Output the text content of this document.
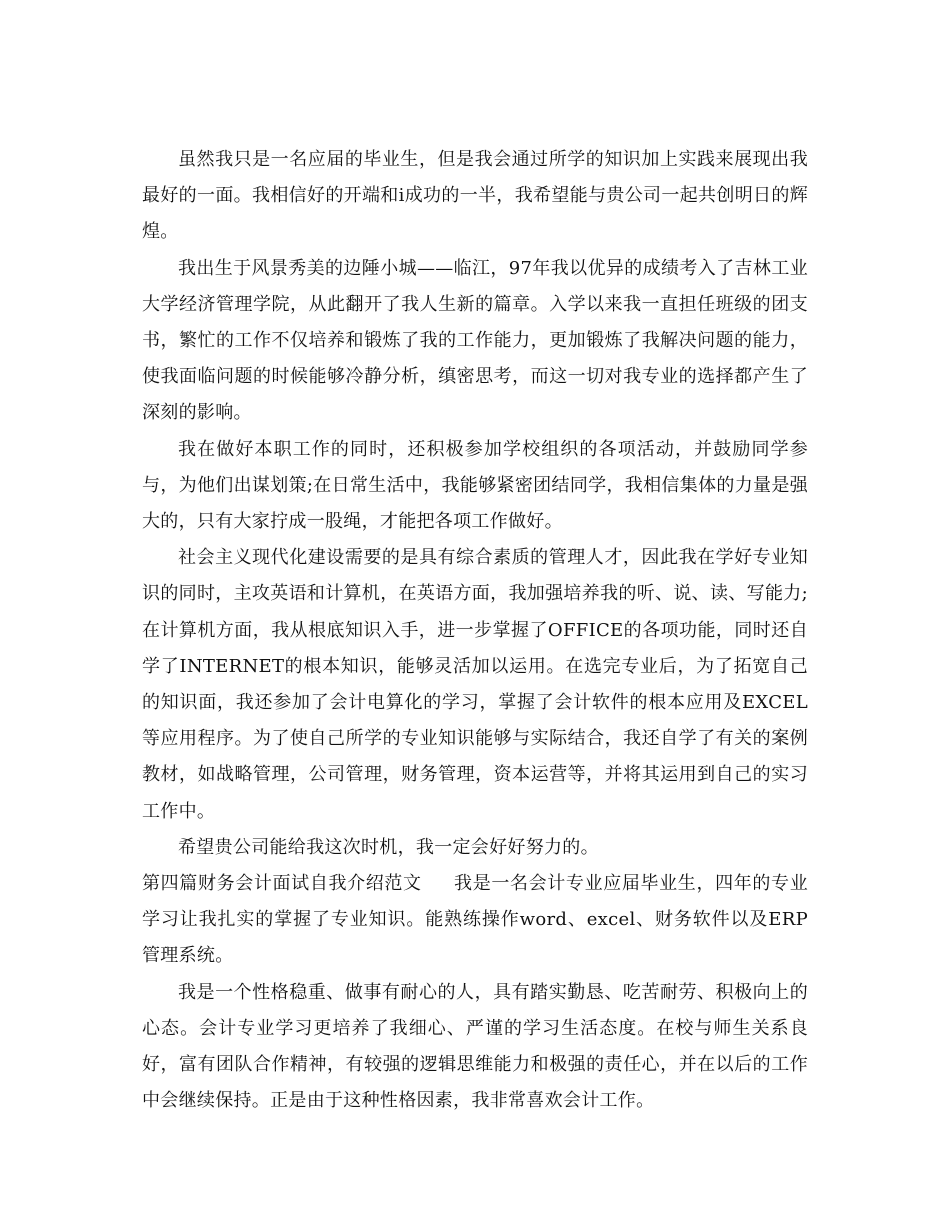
虽然我只是一名应届的毕业生，但是我会通过所学的知识加上实践来展现出我最好的一面。我相信好的开端和i成功的一半，我希望能与贵公司一起共创明日的辉煌。

我出生于风景秀美的边陲小城——临江，97年我以优异的成绩考入了吉林工业大学经济管理学院，从此翻开了我人生新的篇章。入学以来我一直担任班级的团支书，繁忙的工作不仅培养和锻炼了我的工作能力，更加锻炼了我解决问题的能力，使我面临问题的时候能够冷静分析，缜密思考，而这一切对我专业的选择都产生了深刻的影响。

我在做好本职工作的同时，还积极参加学校组织的各项活动，并鼓励同学参与，为他们出谋划策;在日常生活中，我能够紧密团结同学，我相信集体的力量是强大的，只有大家拧成一股绳，才能把各项工作做好。

社会主义现代化建设需要的是具有综合素质的管理人才，因此我在学好专业知识的同时，主攻英语和计算机，在英语方面，我加强培养我的听、说、读、写能力;在计算机方面，我从根底知识入手，进一步掌握了OFFICE的各项功能，同时还自学了INTERNET的根本知识，能够灵活加以运用。在选完专业后，为了拓宽自己的知识面，我还参加了会计电算化的学习，掌握了会计软件的根本应用及EXCEL等应用程序。为了使自己所学的专业知识能够与实际结合，我还自学了有关的案例教材，如战略管理，公司管理，财务管理，资本运营等，并将其运用到自己的实习工作中。

希望贵公司能给我这次时机，我一定会好好努力的。

第四篇财务会计面试自我介绍范文 我是一名会计专业应届毕业生，四年的专业学习让我扎实的掌握了专业知识。能熟练操作word、excel、财务软件以及ERP管理系统。

我是一个性格稳重、做事有耐心的人，具有踏实勤恳、吃苦耐劳、积极向上的心态。会计专业学习更培养了我细心、严谨的学习生活态度。在校与师生关系良好，富有团队合作精神，有较强的逻辑思维能力和极强的责任心，并在以后的工作中会继续保持。正是由于这种性格因素，我非常喜欢会计工作。
